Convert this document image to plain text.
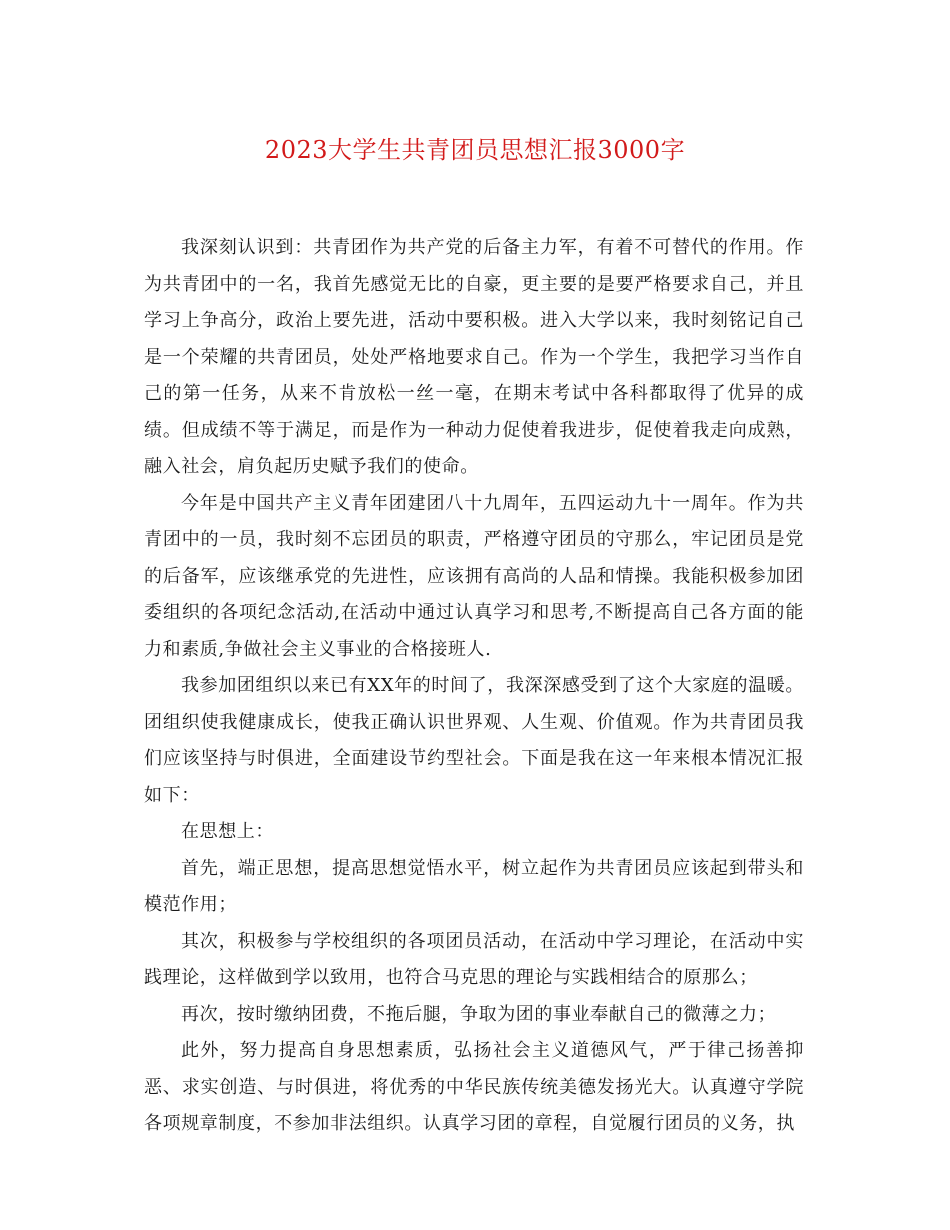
2023大学生共青团员思想汇报3000字

我深刻认识到：共青团作为共产党的后备主力军，有着不可替代的作用。作为共青团中的一名，我首先感觉无比的自豪，更主要的是要严格要求自己，并且学习上争高分，政治上要先进，活动中要积极。进入大学以来，我时刻铭记自己是一个荣耀的共青团员，处处严格地要求自己。作为一个学生，我把学习当作自己的第一任务，从来不肯放松一丝一毫，在期末考试中各科都取得了优异的成绩。但成绩不等于满足，而是作为一种动力促使着我进步，促使着我走向成熟，融入社会，肩负起历史赋予我们的使命。

今年是中国共产主义青年团建团八十九周年，五四运动九十一周年。作为共青团中的一员，我时刻不忘团员的职责，严格遵守团员的守那么，牢记团员是党的后备军，应该继承党的先进性，应该拥有高尚的人品和情操。我能积极参加团委组织的各项纪念活动,在活动中通过认真学习和思考,不断提高自己各方面的能力和素质,争做社会主义事业的合格接班人.

我参加团组织以来已有XX年的时间了，我深深感受到了这个大家庭的温暖。团组织使我健康成长，使我正确认识世界观、人生观、价值观。作为共青团员我们应该坚持与时俱进，全面建设节约型社会。下面是我在这一年来根本情况汇报如下：

在思想上：

首先，端正思想，提高思想觉悟水平，树立起作为共青团员应该起到带头和模范作用；

其次，积极参与学校组织的各项团员活动，在活动中学习理论，在活动中实践理论，这样做到学以致用，也符合马克思的理论与实践相结合的原那么；

再次，按时缴纳团费，不拖后腿，争取为团的事业奉献自己的微薄之力；

此外，努力提高自身思想素质，弘扬社会主义道德风气，严于律己扬善抑恶、求实创造、与时俱进，将优秀的中华民族传统美德发扬光大。认真遵守学院各项规章制度，不参加非法组织。认真学习团的章程，自觉履行团员的义务，执
